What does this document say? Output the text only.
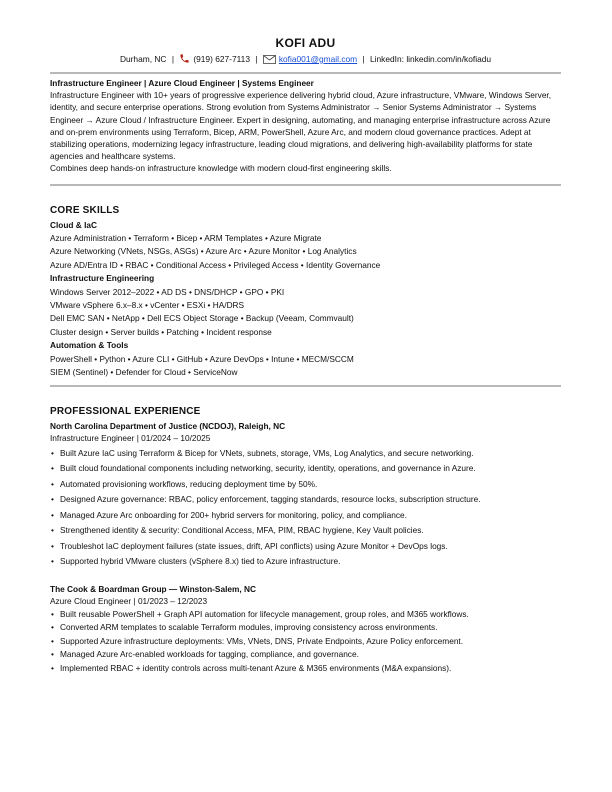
KOFI ADU
Durham, NC | (919) 627-7113 |	kofia001@gmail.com | LinkedIn: linkedin.com/in/kofiadu
Infrastructure Engineer | Azure Cloud Engineer | Systems Engineer
Infrastructure Engineer with 10+ years of progressive experience delivering hybrid cloud, Azure infrastructure, VMware, Windows Server, identity, and secure enterprise operations. Strong evolution from Systems Administrator → Senior Systems Administrator → Systems Engineer → Azure Cloud / Infrastructure Engineer. Expert in designing, automating, and managing enterprise infrastructure across Azure and on-prem environments using Terraform, Bicep, ARM, PowerShell, Azure Arc, and modern cloud governance practices. Adept at stabilizing operations, modernizing legacy infrastructure, leading cloud migrations, and delivering high-availability platforms for state agencies and healthcare systems.
Combines deep hands-on infrastructure knowledge with modern cloud-first engineering skills.
CORE SKILLS
Cloud & IaC
Azure Administration • Terraform • Bicep • ARM Templates • Azure Migrate
Azure Networking (VNets, NSGs, ASGs) • Azure Arc • Azure Monitor • Log Analytics
Azure AD/Entra ID • RBAC • Conditional Access • Privileged Access • Identity Governance
Infrastructure Engineering
Windows Server 2012–2022 • AD DS • DNS/DHCP • GPO • PKI
VMware vSphere 6.x–8.x • vCenter • ESXi • HA/DRS
Dell EMC SAN • NetApp • Dell ECS Object Storage • Backup (Veeam, Commvault)
Cluster design • Server builds • Patching • Incident response
Automation & Tools
PowerShell • Python • Azure CLI • GitHub • Azure DevOps • Intune • MECM/SCCM
SIEM (Sentinel) • Defender for Cloud • ServiceNow
PROFESSIONAL EXPERIENCE
North Carolina Department of Justice (NCDOJ), Raleigh, NC
Infrastructure Engineer | 01/2024 – 10/2025
• Built Azure IaC using Terraform & Bicep for VNets, subnets, storage, VMs, Log Analytics, and secure networking.
• Built cloud foundational components including networking, security, identity, operations, and governance in Azure.
• Automated provisioning workflows, reducing deployment time by 50%.
• Designed Azure governance: RBAC, policy enforcement, tagging standards, resource locks, subscription structure.
• Managed Azure Arc onboarding for 200+ hybrid servers for monitoring, policy, and compliance.
• Strengthened identity & security: Conditional Access, MFA, PIM, RBAC hygiene, Key Vault policies.
• Troubleshot IaC deployment failures (state issues, drift, API conflicts) using Azure Monitor + DevOps logs.
• Supported hybrid VMware clusters (vSphere 8.x) tied to Azure infrastructure.
The Cook & Boardman Group — Winston-Salem, NC
Azure Cloud Engineer | 01/2023 – 12/2023
• Built reusable PowerShell + Graph API automation for lifecycle management, group roles, and M365 workflows.
• Converted ARM templates to scalable Terraform modules, improving consistency across environments.
• Supported Azure infrastructure deployments: VMs, VNets, DNS, Private Endpoints, Azure Policy enforcement.
• Managed Azure Arc-enabled workloads for tagging, compliance, and governance.
• Implemented RBAC + identity controls across multi-tenant Azure & M365 environments (M&A expansions).
